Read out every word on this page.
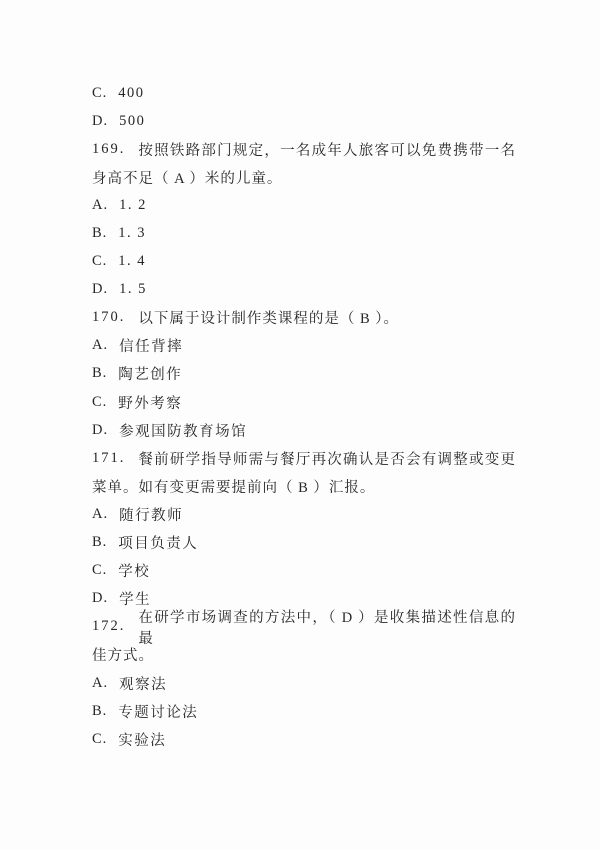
C. 400
D. 500
169. 按照铁路部门规定，一名成年人旅客可以免费携带一名
身高不足（ A ）米的儿童。
A. 1. 2
B. 1. 3
C. 1. 4
D. 1. 5
170. 以下属于设计制作类课程的是（ B ）。
A. 信任背摔
B. 陶艺创作
C. 野外考察
D. 参观国防教育场馆
171. 餐前研学指导师需与餐厅再次确认是否会有调整或变更
菜单。如有变更需要提前向（ B ）汇报。
A. 随行教师
B. 项目负责人
C. 学校
D. 学生
172.
在研学市场调查的方法中，（ D ）是收集描述性信息的最
佳方式。
A. 观察法
B. 专题讨论法
C. 实验法
